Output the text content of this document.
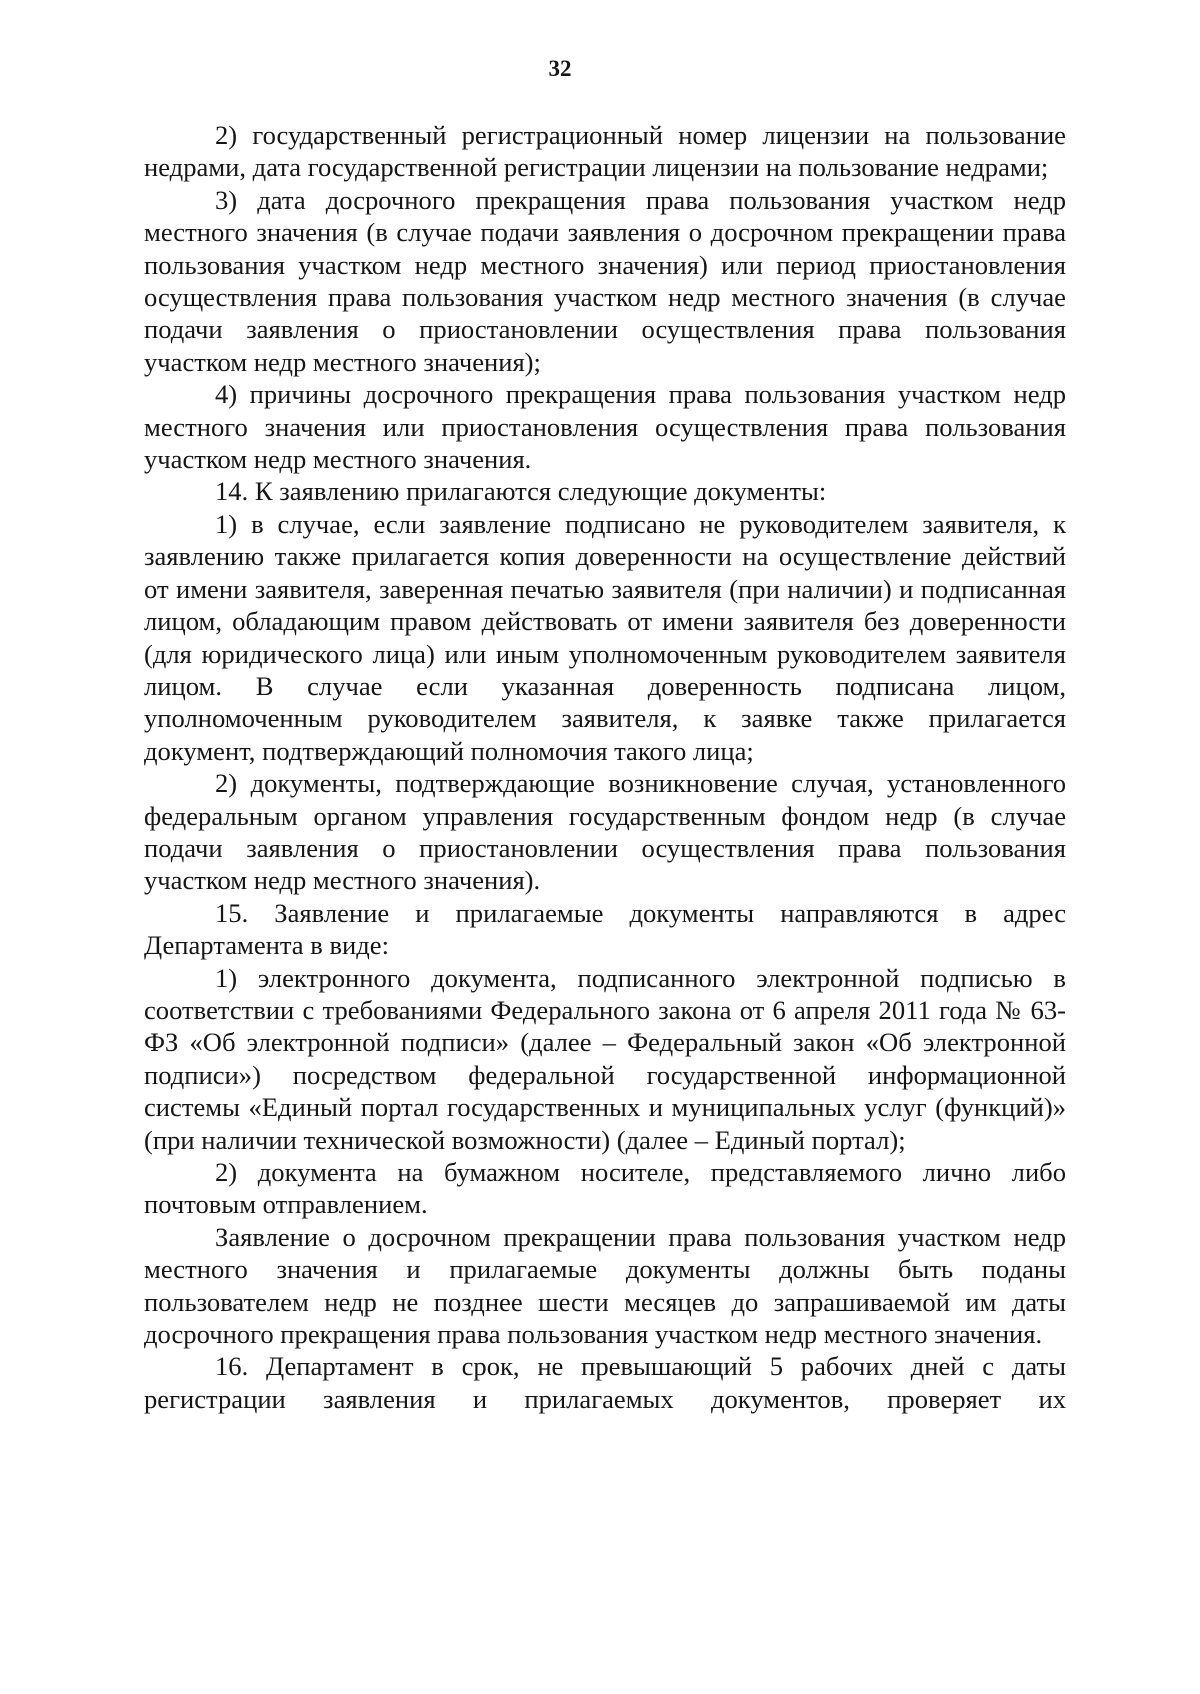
32

2) государственный регистрационный номер лицензии на пользование недрами, дата государственной регистрации лицензии на пользование недрами;

3) дата досрочного прекращения права пользования участком недр местного значения (в случае подачи заявления о досрочном прекращении права пользования участком недр местного значения) или период приостановления осуществления права пользования участком недр местного значения (в случае подачи заявления о приостановлении осуществления права пользования участком недр местного значения);

4) причины досрочного прекращения права пользования участком недр местного значения или приостановления осуществления права пользования участком недр местного значения.

14. К заявлению прилагаются следующие документы:

1) в случае, если заявление подписано не руководителем заявителя, к заявлению также прилагается копия доверенности на осуществление действий от имени заявителя, заверенная печатью заявителя (при наличии) и подписанная лицом, обладающим правом действовать от имени заявителя без доверенности (для юридического лица) или иным уполномоченным руководителем заявителя лицом. В случае если указанная доверенность подписана лицом, уполномоченным руководителем заявителя, к заявке также прилагается документ, подтверждающий полномочия такого лица;

2) документы, подтверждающие возникновение случая, установленного федеральным органом управления государственным фондом недр (в случае подачи заявления о приостановлении осуществления права пользования участком недр местного значения).

15. Заявление и прилагаемые документы направляются в адрес Департамента в виде:

1) электронного документа, подписанного электронной подписью в соответствии с требованиями Федерального закона от 6 апреля 2011 года № 63-ФЗ «Об электронной подписи» (далее – Федеральный закон «Об электронной подписи») посредством федеральной государственной информационной системы «Единый портал государственных и муниципальных услуг (функций)» (при наличии технической возможности) (далее – Единый портал);

2) документа на бумажном носителе, представляемого лично либо почтовым отправлением.

Заявление о досрочном прекращении права пользования участком недр местного значения и прилагаемые документы должны быть поданы пользователем недр не позднее шести месяцев до запрашиваемой им даты досрочного прекращения права пользования участком недр местного значения.

16. Департамент в срок, не превышающий 5 рабочих дней с даты регистрации заявления и прилагаемых документов, проверяет их
